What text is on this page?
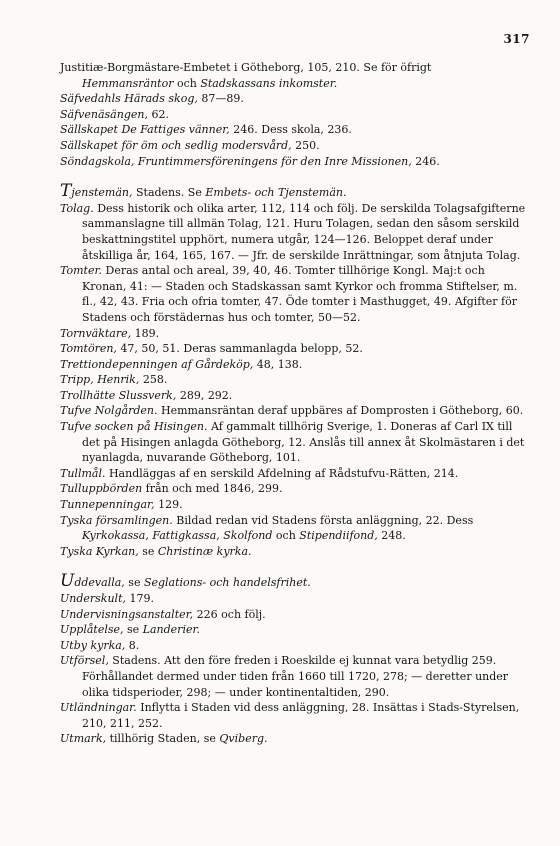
317

Justitiæ-Borgmästare-Embetet i Götheborg, 105, 210. Se för öfrigt Hemmansräntor och Stadskassans inkomster.

Säfvedahls Härads skog, 87—89.

Säfvenäsängen, 62.

Sällskapet De Fattiges vänner, 246. Dess skola, 236.

Sällskapet för öm och sedlig modersvård, 250.

Söndagskola, Fruntimmersföreningens för den Inre Missionen, 246.

Tjenstemän, Stadens. Se Embets- och Tjenstemän.

Tolag. Dess historik och olika arter, 112, 114 och följ. De serskilda Tolagsafgifterne sammanslagne till allmän Tolag, 121. Huru Tolagen, sedan den såsom serskild beskattningstitel upphört, numera utgår, 124—126. Beloppet deraf under åtskilliga år, 164, 165, 167. — Jfr. de serskilde Inrättningar, som åtnjuta Tolag.

Tomter. Deras antal och areal, 39, 40, 46. Tomter tillhörige Kongl. Maj:t och Kronan, 41: — Staden och Stadskassan samt Kyrkor och fromma Stiftelser, m. fl., 42, 43. Fria och ofria tomter, 47. Öde tomter i Masthugget, 49. Afgifter för Stadens och förstädernas hus och tomter, 50—52.

Tornväktare, 189.

Tomtören, 47, 50, 51. Deras sammanlagda belopp, 52.

Trettiondepenningen af Gårdeköp, 48, 138.

Tripp, Henrik, 258.

Trollhätte Slussverk, 289, 292.

Tufve Nolgården. Hemmansräntan deraf uppbäres af Domprosten i Götheborg, 60.

Tufve socken på Hisingen. Af gammalt tillhörig Sverige, 1. Doneras af Carl IX till det på Hisingen anlagda Götheborg, 12. Anslås till annex åt Skolmästaren i det nyanlagda, nuvarande Götheborg, 101.

Tullmål. Handläggas af en serskild Afdelning af Rådstufvu-Rätten, 214.

Tulluppbörden från och med 1846, 299.

Tunnepenningar, 129.

Tyska församlingen. Bildad redan vid Stadens första anläggning, 22. Dess Kyrkokassa, Fattigkassa, Skolfond och Stipendiifond, 248.

Tyska Kyrkan, se Christinæ kyrka.

Uddevalla, se Seglations- och handelsfrihet.

Underskult, 179.

Undervisningsanstalter, 226 och följ.

Upplåtelse, se Landerier.

Utby kyrka, 8.

Utförsel, Stadens. Att den före freden i Roeskilde ej kunnat vara betydlig 259. Förhållandet dermed under tiden från 1660 till 1720, 278; — deretter under olika tidsperioder, 298; — under kontinentaltiden, 290.

Utländningar. Inflytta i Staden vid dess anläggning, 28. Insättas i Stads-Styrelsen, 210, 211, 252.

Utmark, tillhörig Staden, se Qviberg.
